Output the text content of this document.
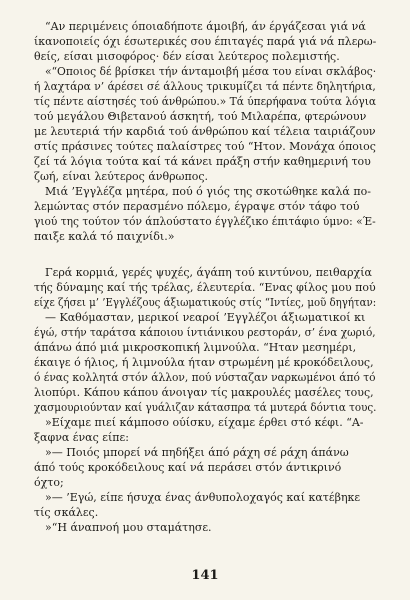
“Αν περιμένεις όποιαδήποτε άμοιβή, άν έργάζεσαι γιά νά

ίκανοποιείς όχι έσωτερικές σου έπιταγές παρά γιά νά πλερω-

θείς, είσαι μισοφόρος· δέν είσαι λεύτερος πολεμιστής.

«“Οποιος δέ βρίσκει τήν άνταμοιβή μέσα του είναι σκλάβος·

ή λαχτάρα ν’ άρέσει σέ άλλους τρικυμίζει τά πέντε δηλητήρια,

τίς πέντε αίστησές τού άνθρώπου.» Τά ύπερήφανα τούτα λόγια

τού μεγάλου Θιβετανού άσκητή, τού Μιλαρέπα, φτερώνουν

με λευτεριά τήν καρδιά τού άνθρώπου καί τέλεια ταιριάζουν

στίς πράσινες τούτες παλαίστρες τού “Ητον. Μονάχα όποιος

ζεί τά λόγια τούτα καί τά κάνει πράξη στήν καθημερινή του

ζωή, είναι λεύτερος άνθρωπος.

Μιά ’Εγγλέζα μητέρα, πού ό γιός της σκοτώθηκε καλά πο-

λεμώντας στόν περασμένο πόλεμο, έγραψε στόν τάφο τού

γιού της τούτον τόν άπλούστατο έγγλέζικο έπιτάφιο ύμνο: «Έ-

παιξε καλά τό παιχνίδι.»

Γερά κορμιά, γερές ψυχές, άγάπη τού κιντύνου, πειθαρχία

τής δύναμης καί τής τρέλας, έλευτερία. “Ενας φίλος μου πού

είχε ζήσει μ’ ’Εγγλέζους άξιωματικούς στίς “Ιντίες, μοῦ δηγήταν:

— Καθόμασταν, μερικοί νεαροί ’Εγγλέζοι άξιωματικοί κι

έγώ, στήν ταράτσα κάποιου ίντιάνικου ρεστοράν, σ’ ένα χωριό,

άπάνω άπό μιά μικροσκοπική λιμνούλα. “Ηταν μεσημέρι,

έκαιγε ό ήλιος, ή λιμνούλα ήταν στρωμένη μέ κροκόδειλους,

ό ένας κολλητά στόν άλλον, πού νύσταζαν ναρκωμένοι άπό τό

λιοπύρι. Κάπου κάπου άνοιγαν τίς μακρουλές μασέλες τους,

χασμουριούνταν καί γυάλιζαν κάτασπρα τά μυτερά δόντια τους.

»Είχαμε πιεί κάμποσο ούίσκυ, είχαμε έρθει στό κέφι. “Α-

ξαφνα ένας είπε:

»— Ποιός μπορεί νά πηδήξει άπό ράχη σέ ράχη άπάνω

άπό τούς κροκόδειλους καί νά περάσει στόν άντικρινό

όχτο;

»— ’Εγώ, είπε ήσυχα ένας άνθυπολοχαγός καί κατέβηκε

τίς σκάλες.

»“Η άναπνοή μου σταμάτησε.

141
